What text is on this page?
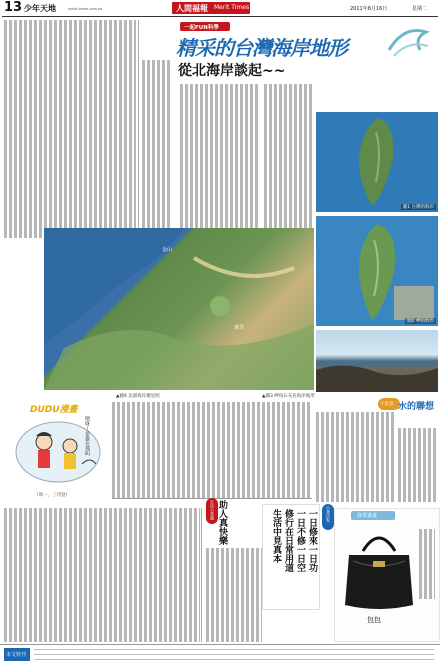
13 少年天地	merit-times.com.tw	人間福報 Merit Times	2011年8月16日	星期二
一起FUN科學
精采的台灣海岸地形
從北海岸談起~~
圖1 台灣的海岸
圖2 岬角海岸
金山
萬里
▲圖4 北部海岸衛星照	▲圖3 岬角石灰岩海岸地形
DUDU漫畫
喂呀～是誰在那叫
（周一、三刊登）
小星語 水的聯想
生活小常識 助人真快樂	一日修來一日功
一日不修一日空
修行在日常用道
生活中見真本	小書法家	我愛畫畫
包包
本文特刊
